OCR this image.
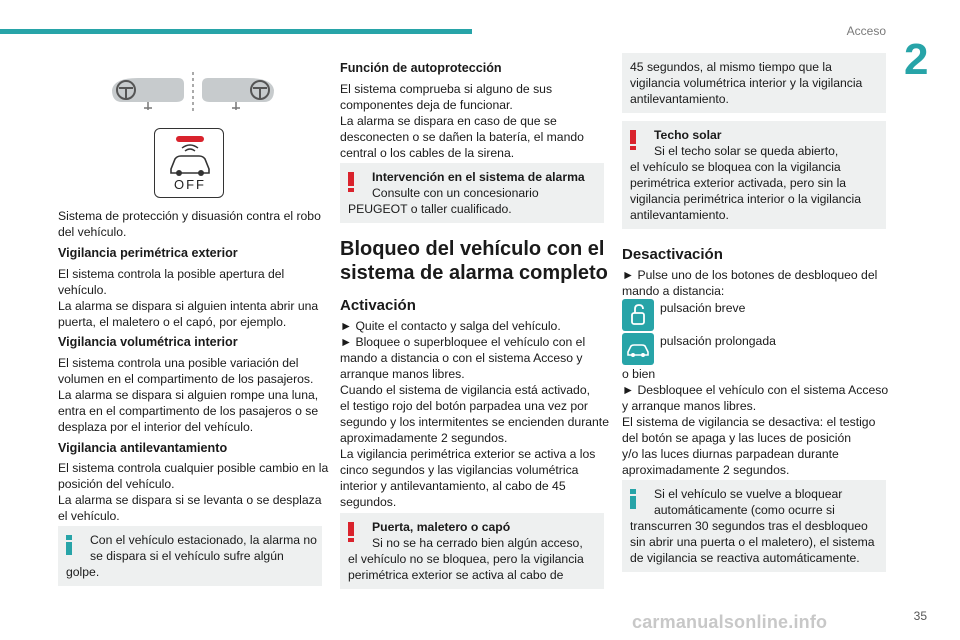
Acceso
2
OFF
Sistema de protección y disuasión contra el robo
del vehículo.
Vigilancia perimétrica exterior
El sistema controla la posible apertura del
vehículo.
La alarma se dispara si alguien intenta abrir una
puerta, el maletero o el capó, por ejemplo.
Vigilancia volumétrica interior
El sistema controla una posible variación del
volumen en el compartimento de los pasajeros.
La alarma se dispara si alguien rompe una luna,
entra en el compartimento de los pasajeros o se
desplaza por el interior del vehículo.
Vigilancia antilevantamiento
El sistema controla cualquier posible cambio en la
posición del vehículo.
La alarma se dispara si se levanta o se desplaza
el vehículo.
Con el vehículo estacionado, la alarma no
se dispara si el vehículo sufre algún
golpe.
Función de autoprotección
El sistema comprueba si alguno de sus
componentes deja de funcionar.
La alarma se dispara en caso de que se
desconecten o se dañen la batería, el mando
central o los cables de la sirena.
Intervención en el sistema de alarma
Consulte con un concesionario
PEUGEOT o taller cualificado.
Bloqueo del vehículo con el
sistema de alarma completo
Activación
► Quite el contacto y salga del vehículo.
► Bloquee o superbloquee el vehículo con el
mando a distancia o con el sistema Acceso y
arranque manos libres.
Cuando el sistema de vigilancia está activado,
el testigo rojo del botón parpadea una vez por
segundo y los intermitentes se encienden durante
aproximadamente 2 segundos.
La vigilancia perimétrica exterior se activa a los
cinco segundos y las vigilancias volumétrica
interior y antilevantamiento, al cabo de 45
segundos.
Puerta, maletero o capó
Si no se ha cerrado bien algún acceso,
el vehículo no se bloquea, pero la vigilancia
perimétrica exterior se activa al cabo de
45 segundos, al mismo tiempo que la
vigilancia volumétrica interior y la vigilancia
antilevantamiento.
Techo solar
Si el techo solar se queda abierto,
el vehículo se bloquea con la vigilancia
perimétrica exterior activada, pero sin la
vigilancia perimétrica interior o la vigilancia
antilevantamiento.
Desactivación
► Pulse uno de los botones de desbloqueo del
mando a distancia:
pulsación breve
pulsación prolongada
o bien
► Desbloquee el vehículo con el sistema Acceso
y arranque manos libres.
El sistema de vigilancia se desactiva: el testigo
del botón se apaga y las luces de posición
y/o las luces diurnas parpadean durante
aproximadamente 2 segundos.
Si el vehículo se vuelve a bloquear
automáticamente (como ocurre si
transcurren 30 segundos tras el desbloqueo
sin abrir una puerta o el maletero), el sistema
de vigilancia se reactiva automáticamente.
carmanualsonline.info	35
